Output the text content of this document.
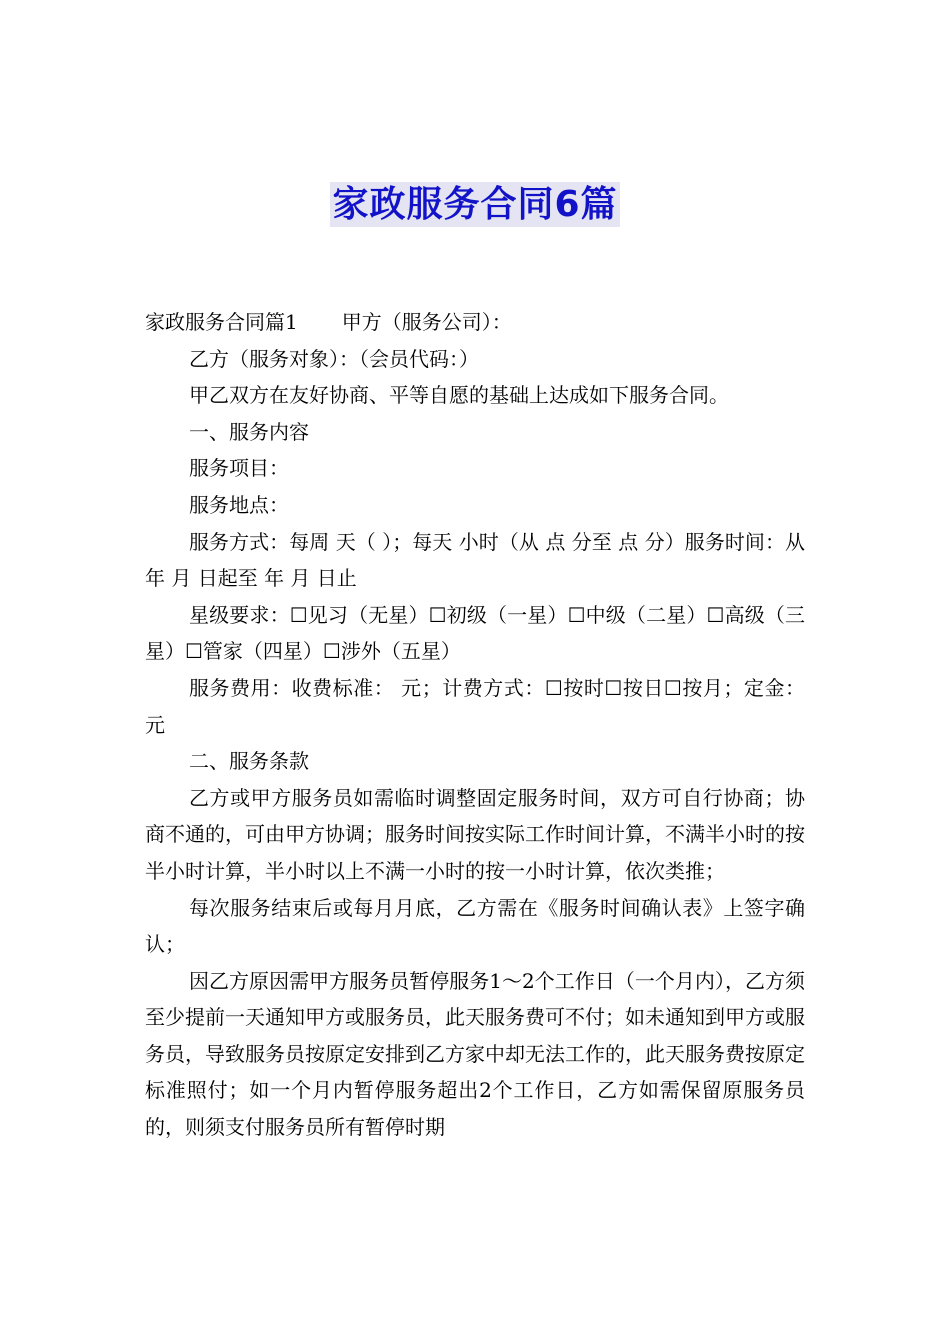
家政服务合同6篇

家政服务合同篇1 甲方（服务公司）：

乙方（服务对象）：（会员代码：）

甲乙双方在友好协商、平等自愿的基础上达成如下服务合同。

一、服务内容

服务项目：

服务地点：

服务方式：每周 天（ ）；每天 小时（从 点 分至 点 分）服务时间：从 年 月 日起至 年 月 日止

星级要求：☐见习（无星）☐初级（一星）☐中级（二星）☐高级（三星）☐管家（四星）☐涉外（五星）

服务费用：收费标准： 元；计费方式：☐按时☐按日☐按月；定金： 元

二、服务条款

乙方或甲方服务员如需临时调整固定服务时间，双方可自行协商；协商不通的，可由甲方协调；服务时间按实际工作时间计算，不满半小时的按半小时计算，半小时以上不满一小时的按一小时计算，依次类推；

每次服务结束后或每月月底，乙方需在《服务时间确认表》上签字确认；

因乙方原因需甲方服务员暂停服务1～2个工作日（一个月内），乙方须至少提前一天通知甲方或服务员，此天服务费可不付；如未通知到甲方或服务员，导致服务员按原定安排到乙方家中却无法工作的，此天服务费按原定标准照付；如一个月内暂停服务超出2个工作日，乙方如需保留原服务员的，则须支付服务员所有暂停时期
